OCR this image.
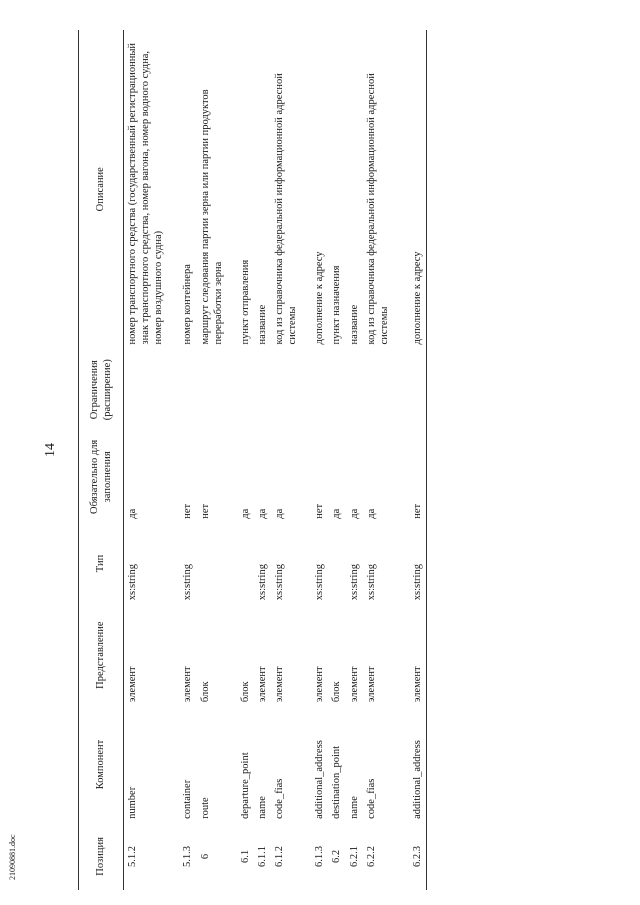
14
Позиция	Компонент	Представление	Тип	Обязательно для заполнения	Ограничения (расширение)	Описание
5.1.2	number	элемент	xs:string	да		номер транспортного средства (государственный регистрационный знак транспортного средства, номер вагона, номер водного судна, номер воздушного судна)
5.1.3	container	элемент	xs:string	нет		номер контейнера
6	route	блок		нет		маршрут следования партии зерна или партии продуктов переработки зерна
6.1	departure_point	блок		да		пункт отправления
6.1.1	name	элемент	xs:string	да		название
6.1.2	code_fias	элемент	xs:string	да		код из справочника федеральной информационной адресной системы
6.1.3	additional_address	элемент	xs:string	нет		дополнение к адресу
6.2	destination_point	блок		да		пункт назначения
6.2.1	name	элемент	xs:string	да		название
6.2.2	code_fias	элемент	xs:string	да		код из справочника федеральной информационной адресной системы
6.2.3	additional_address	элемент	xs:string	нет		дополнение к адресу
21090881.doc
